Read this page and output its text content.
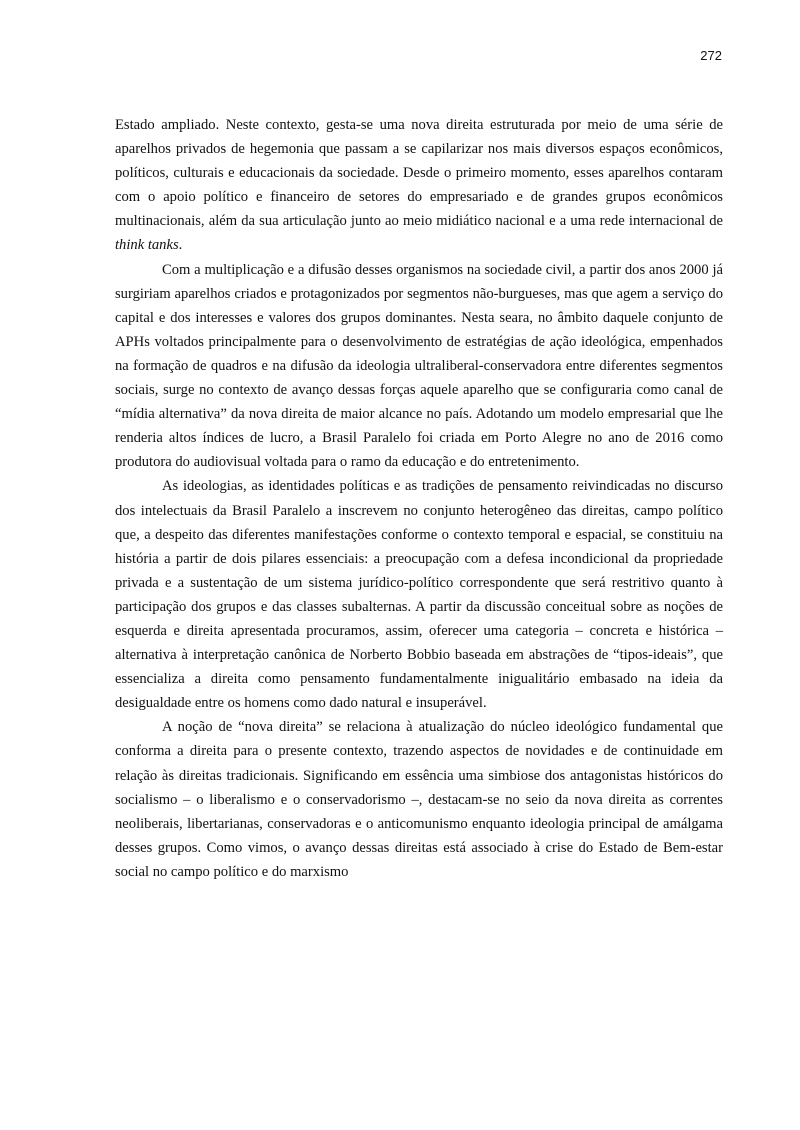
272

Estado ampliado. Neste contexto, gesta-se uma nova direita estruturada por meio de uma série de aparelhos privados de hegemonia que passam a se capilarizar nos mais diversos espaços econômicos, políticos, culturais e educacionais da sociedade. Desde o primeiro momento, esses aparelhos contaram com o apoio político e financeiro de setores do empresariado e de grandes grupos econômicos multinacionais, além da sua articulação junto ao meio midiático nacional e a uma rede internacional de think tanks.

Com a multiplicação e a difusão desses organismos na sociedade civil, a partir dos anos 2000 já surgiriam aparelhos criados e protagonizados por segmentos não-burgueses, mas que agem a serviço do capital e dos interesses e valores dos grupos dominantes. Nesta seara, no âmbito daquele conjunto de APHs voltados principalmente para o desenvolvimento de estratégias de ação ideológica, empenhados na formação de quadros e na difusão da ideologia ultraliberal-conservadora entre diferentes segmentos sociais, surge no contexto de avanço dessas forças aquele aparelho que se configuraria como canal de “mídia alternativa” da nova direita de maior alcance no país. Adotando um modelo empresarial que lhe renderia altos índices de lucro, a Brasil Paralelo foi criada em Porto Alegre no ano de 2016 como produtora do audiovisual voltada para o ramo da educação e do entretenimento.

As ideologias, as identidades políticas e as tradições de pensamento reivindicadas no discurso dos intelectuais da Brasil Paralelo a inscrevem no conjunto heterogêneo das direitas, campo político que, a despeito das diferentes manifestações conforme o contexto temporal e espacial, se constituiu na história a partir de dois pilares essenciais: a preocupação com a defesa incondicional da propriedade privada e a sustentação de um sistema jurídico-político correspondente que será restritivo quanto à participação dos grupos e das classes subalternas. A partir da discussão conceitual sobre as noções de esquerda e direita apresentada procuramos, assim, oferecer uma categoria – concreta e histórica – alternativa à interpretação canônica de Norberto Bobbio baseada em abstrações de “tipos-ideais”, que essencializa a direita como pensamento fundamentalmente inigualitário embasado na ideia da desigualdade entre os homens como dado natural e insuperável.

A noção de “nova direita” se relaciona à atualização do núcleo ideológico fundamental que conforma a direita para o presente contexto, trazendo aspectos de novidades e de continuidade em relação às direitas tradicionais. Significando em essência uma simbiose dos antagonistas históricos do socialismo – o liberalismo e o conservadorismo –, destacam-se no seio da nova direita as correntes neoliberais, libertarianas, conservadoras e o anticomunismo enquanto ideologia principal de amálgama desses grupos. Como vimos, o avanço dessas direitas está associado à crise do Estado de Bem-estar social no campo político e do marxismo
